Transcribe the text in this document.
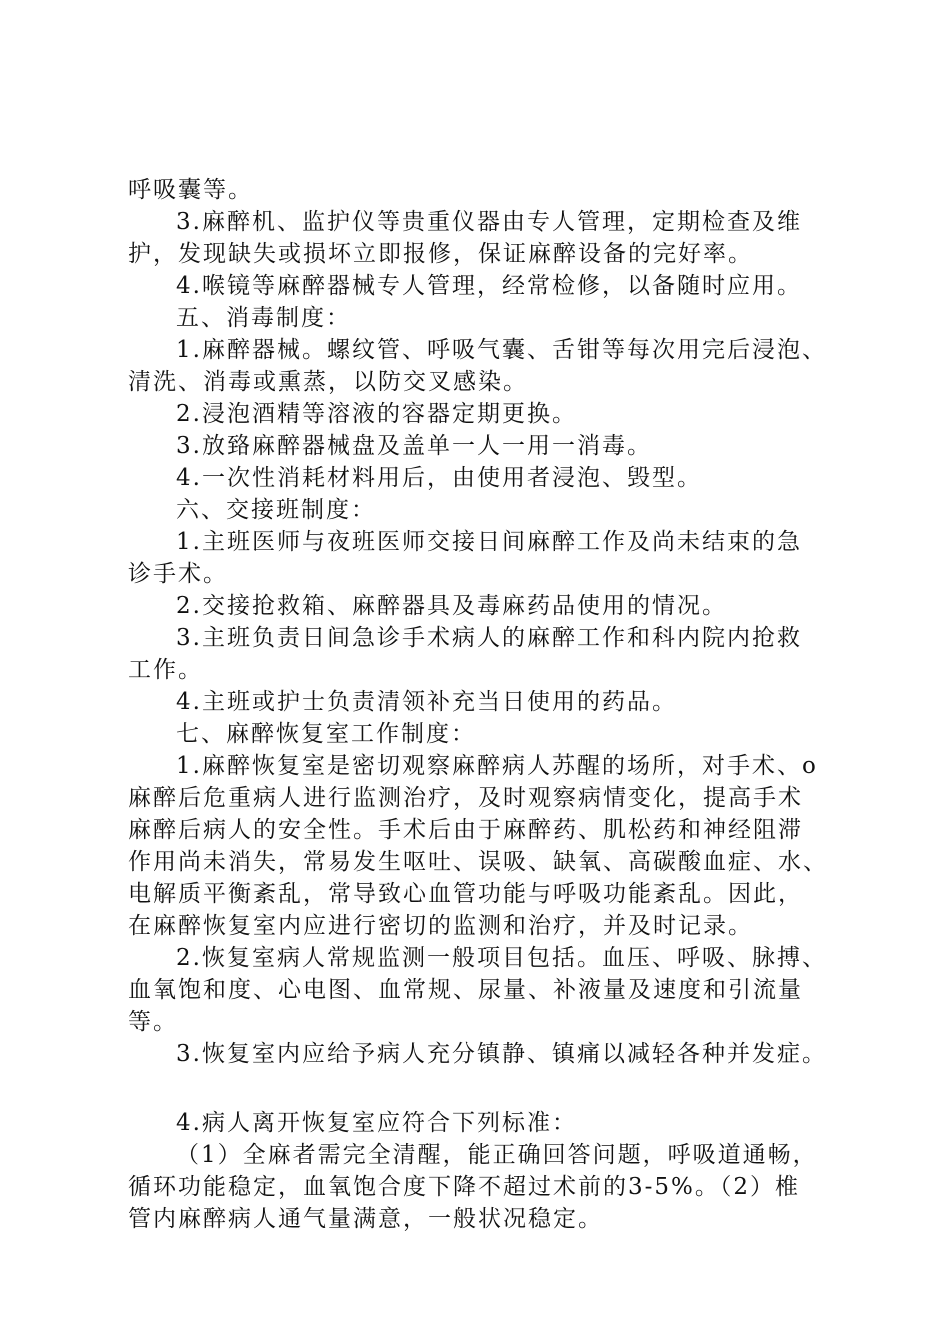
呼吸囊等。
3.麻醉机、监护仪等贵重仪器由专人管理，定期检查及维
护，发现缺失或损坏立即报修，保证麻醉设备的完好率。
4.喉镜等麻醉器械专人管理，经常检修，以备随时应用。
五、消毒制度：
1.麻醉器械。螺纹管、呼吸气囊、舌钳等每次用完后浸泡、
清洗、消毒或熏蒸，以防交叉感染。
2.浸泡酒精等溶液的容器定期更换。
3.放臵麻醉器械盘及盖单一人一用一消毒。
4.一次性消耗材料用后，由使用者浸泡、毁型。
六、交接班制度：
1.主班医师与夜班医师交接日间麻醉工作及尚未结束的急
诊手术。
2.交接抢救箱、麻醉器具及毒麻药品使用的情况。
3.主班负责日间急诊手术病人的麻醉工作和科内院内抢救
工作。
4.主班或护士负责清领补充当日使用的药品。
七、麻醉恢复室工作制度：
1.麻醉恢复室是密切观察麻醉病人苏醒的场所，对手术、o
麻醉后危重病人进行监测治疗，及时观察病情变化，提高手术
麻醉后病人的安全性。手术后由于麻醉药、肌松药和神经阻滞
作用尚未消失，常易发生呕吐、误吸、缺氧、高碳酸血症、水、
电解质平衡紊乱，常导致心血管功能与呼吸功能紊乱。因此，
在麻醉恢复室内应进行密切的监测和治疗，并及时记录。
2.恢复室病人常规监测一般项目包括。血压、呼吸、脉搏、
血氧饱和度、心电图、血常规、尿量、补液量及速度和引流量
等。
3.恢复室内应给予病人充分镇静、镇痛以减轻各种并发症。
4.病人离开恢复室应符合下列标准：
（1）全麻者需完全清醒，能正确回答问题，呼吸道通畅，
循环功能稳定，血氧饱合度下降不超过术前的3-5%。（2）椎
管内麻醉病人通气量满意，一般状况稳定。
